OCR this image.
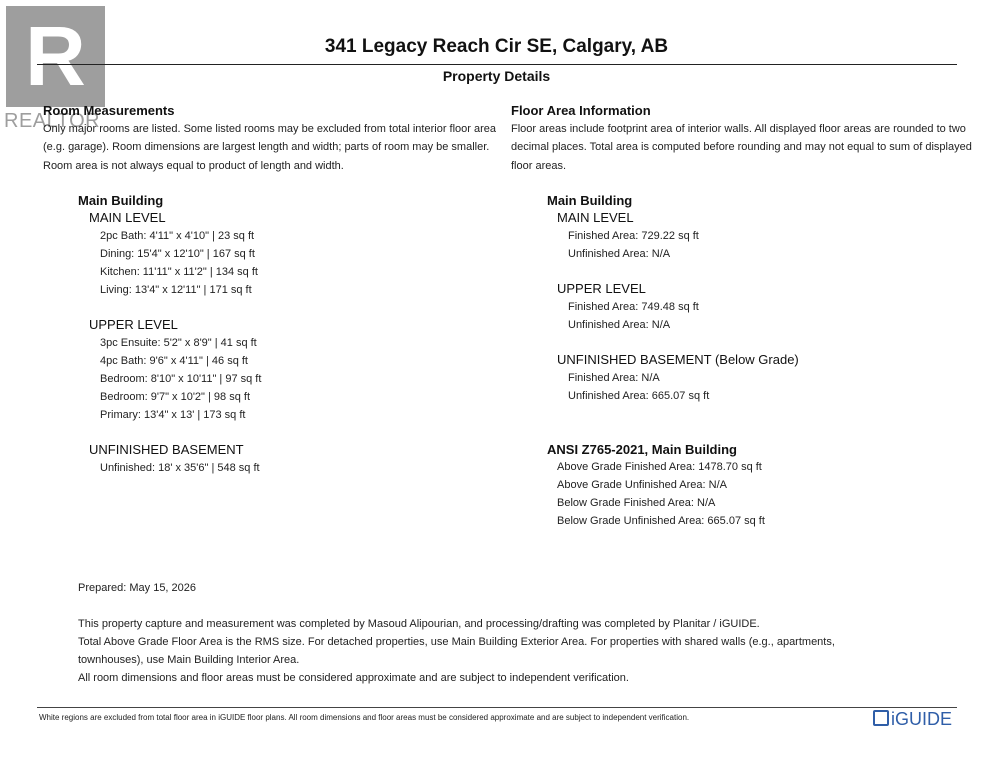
R
REALTOR
341 Legacy Reach Cir SE, Calgary, AB
Property Details
Room Measurements
Only major rooms are listed. Some listed rooms may be excluded from total interior floor area
(e.g. garage). Room dimensions are largest length and width; parts of room may be smaller.
Room area is not always equal to product of length and width.
Main Building
MAIN LEVEL
2pc Bath: 4'11" x 4'10" | 23 sq ft
Dining: 15'4" x 12'10" | 167 sq ft
Kitchen: 11'11" x 11'2" | 134 sq ft
Living: 13'4" x 12'11" | 171 sq ft
UPPER LEVEL
3pc Ensuite: 5'2" x 8'9" | 41 sq ft
4pc Bath: 9'6" x 4'11" | 46 sq ft
Bedroom: 8'10" x 10'11" | 97 sq ft
Bedroom: 9'7" x 10'2" | 98 sq ft
Primary: 13'4" x 13' | 173 sq ft
UNFINISHED BASEMENT
Unfinished: 18' x 35'6" | 548 sq ft
Floor Area Information
Floor areas include footprint area of interior walls. All displayed floor areas are rounded to two
decimal places. Total area is computed before rounding and may not equal to sum of displayed
floor areas.
Main Building
MAIN LEVEL
Finished Area: 729.22 sq ft
Unfinished Area: N/A
UPPER LEVEL
Finished Area: 749.48 sq ft
Unfinished Area: N/A
UNFINISHED BASEMENT (Below Grade)
Finished Area: N/A
Unfinished Area: 665.07 sq ft
ANSI Z765-2021, Main Building
Above Grade Finished Area: 1478.70 sq ft
Above Grade Unfinished Area: N/A
Below Grade Finished Area: N/A
Below Grade Unfinished Area: 665.07 sq ft
Prepared: May 15, 2026
This property capture and measurement was completed by Masoud Alipourian, and processing/drafting was completed by Planitar / iGUIDE.
Total Above Grade Floor Area is the RMS size. For detached properties, use Main Building Exterior Area. For properties with shared walls (e.g., apartments,
townhouses), use Main Building Interior Area.
All room dimensions and floor areas must be considered approximate and are subject to independent verification.
White regions are excluded from total floor area in iGUIDE floor plans. All room dimensions and floor areas must be considered approximate and are subject to independent verification.	iGUIDE
